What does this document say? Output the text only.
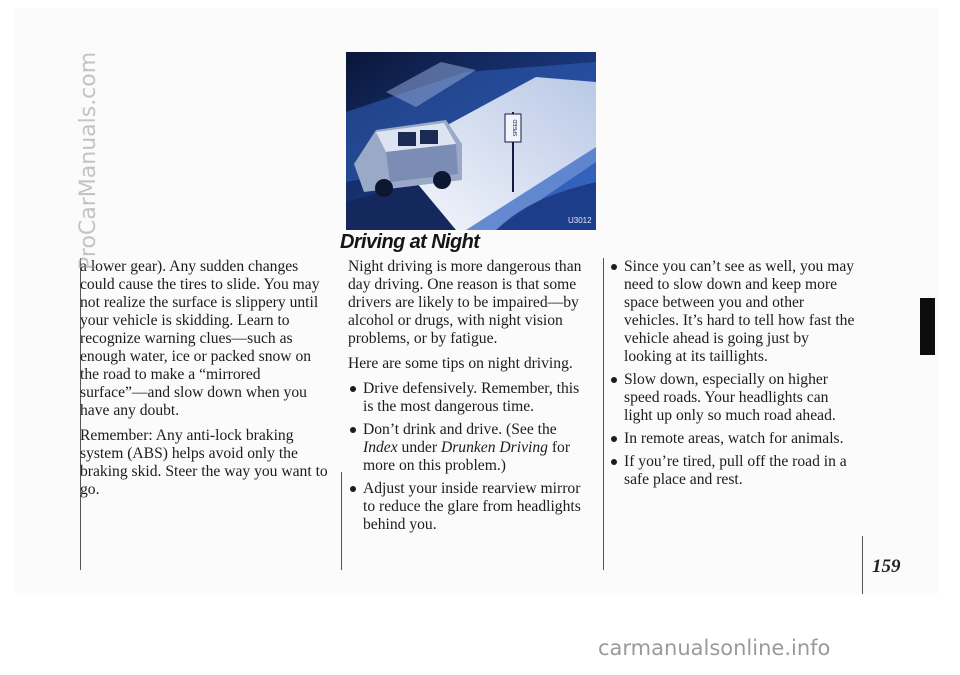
SPEED
U3012
Driving at Night

a lower gear). Any sudden changes could cause the tires to slide. You may not realize the surface is slippery until your vehicle is skidding. Learn to recognize warning clues—such as enough water, ice or packed snow on the road to make a “mirrored surface”—and slow down when you have any doubt.

Remember: Any anti-lock braking system (ABS) helps avoid only the braking skid. Steer the way you want to go.

Night driving is more dangerous than day driving. One reason is that some drivers are likely to be impaired—by alcohol or drugs, with night vision problems, or by fatigue.

Here are some tips on night driving.

Drive defensively. Remember, this is the most dangerous time.
Don’t drink and drive. (See the Index under Drunken Driving for more on this problem.)
Adjust your inside rearview mirror to reduce the glare from headlights behind you.
Since you can’t see as well, you may need to slow down and keep more space between you and other vehicles. It’s hard to tell how fast the vehicle ahead is going just by looking at its taillights.
Slow down, especially on higher speed roads. Your headlights can light up only so much road ahead.
In remote areas, watch for animals.
If you’re tired, pull off the road in a safe place and rest.
159
ProCarManuals.com
carmanualsonline.info
